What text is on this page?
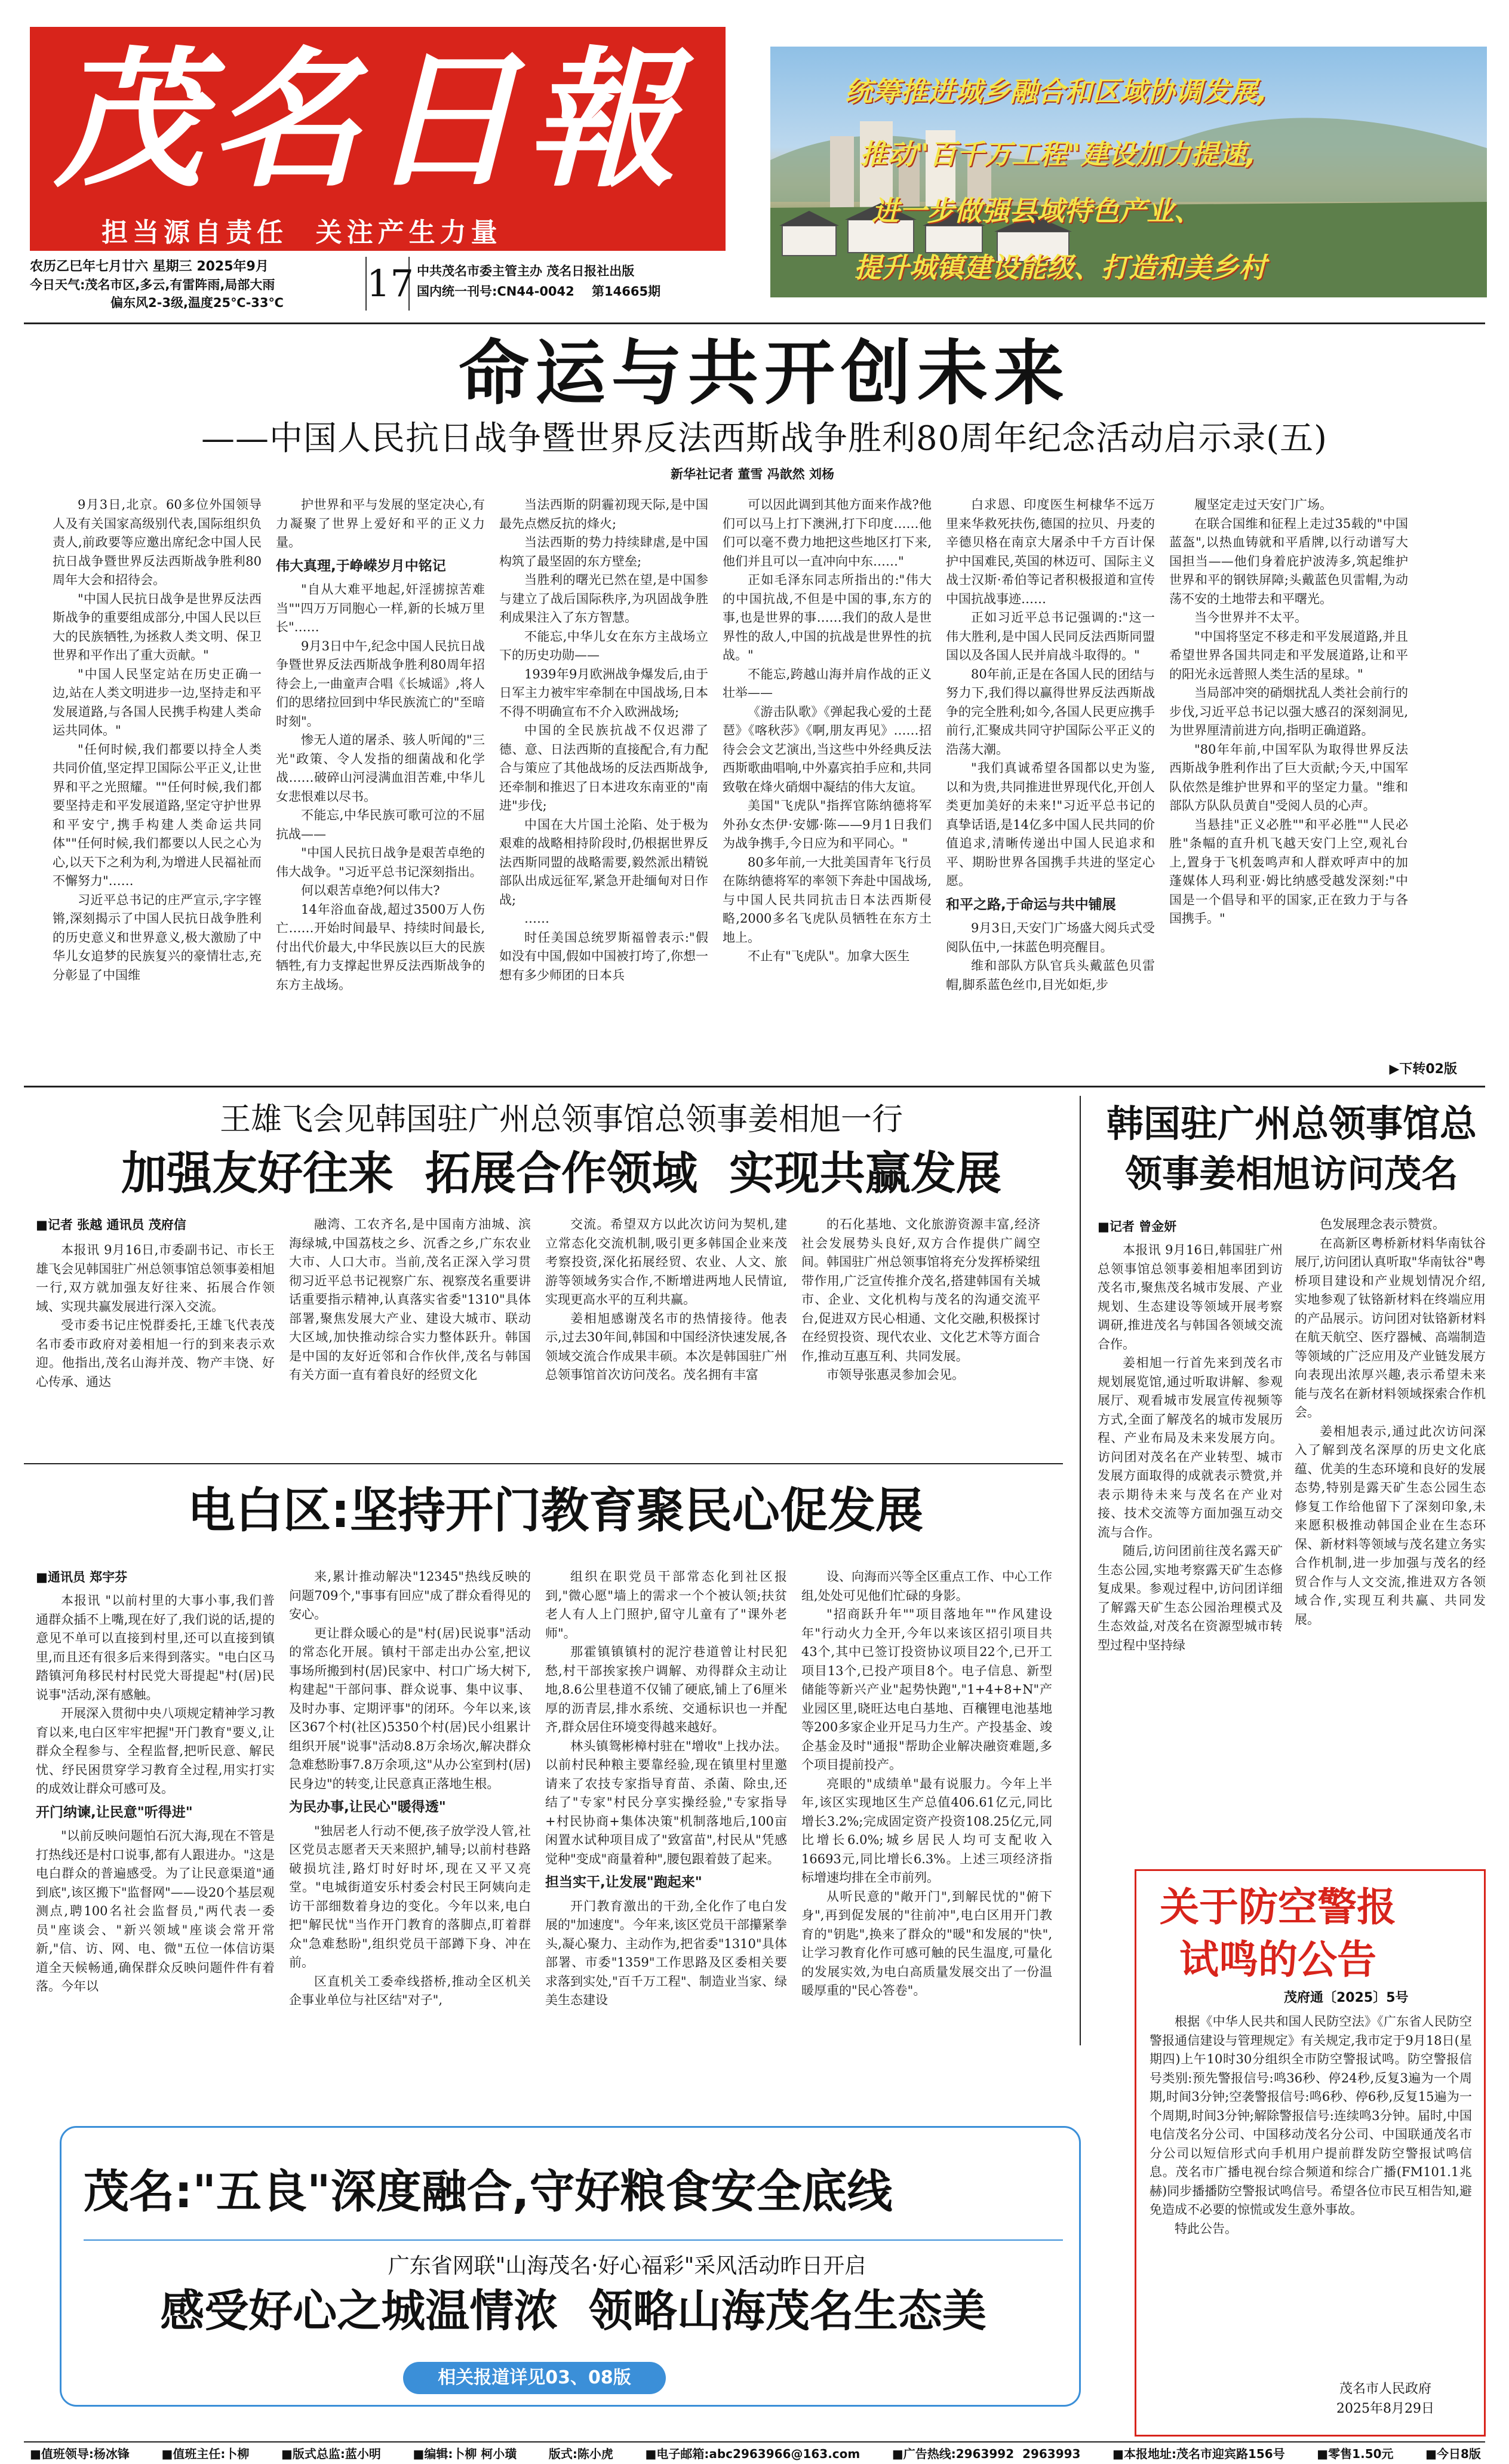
茂名日報
担当源自责任  关注产生力量
统筹推进城乡融合和区域协调发展,
推动"百千万工程"建设加力提速,
进一步做强县域特色产业、
提升城镇建设能级、打造和美乡村
农历乙巳年七月廿六 星期三 2025年9月
今日天气:茂名市区,多云,有雷阵雨,局部大雨
偏东风2-3级,温度25℃-33℃	17 中共茂名市委主管主办 茂名日报社出版
国内统一刊号:CN44-0042    第14665期
命运与共开创未来
——中国人民抗日战争暨世界反法西斯战争胜利80周年纪念活动启示录(五)
新华社记者 董雪 冯歆然 刘杨

9月3日,北京。60多位外国领导人及有关国家高级别代表,国际组织负责人,前政要等应邀出席纪念中国人民抗日战争暨世界反法西斯战争胜利80周年大会和招待会。

"中国人民抗日战争是世界反法西斯战争的重要组成部分,中国人民以巨大的民族牺牲,为拯救人类文明、保卫世界和平作出了重大贡献。"

"中国人民坚定站在历史正确一边,站在人类文明进步一边,坚持走和平发展道路,与各国人民携手构建人类命运共同体。"

"任何时候,我们都要以持全人类共同价值,坚定捍卫国际公平正义,让世界和平之光照耀。""任何时候,我们都要坚持走和平发展道路,坚定守护世界和平安宁,携手构建人类命运共同体""任何时候,我们都要以人民之心为心,以天下之利为利,为增进人民福祉而不懈努力"……

习近平总书记的庄严宣示,字字铿锵,深刻揭示了中国人民抗日战争胜利的历史意义和世界意义,极大激励了中华儿女追梦的民族复兴的豪情壮志,充分彰显了中国维

护世界和平与发展的坚定决心,有力凝聚了世界上爱好和平的正义力量。

伟大真理,于峥嵘岁月中铭记

"自从大难平地起,奸淫掳掠苦难当""四万万同胞心一样,新的长城万里长"……

9月3日中午,纪念中国人民抗日战争暨世界反法西斯战争胜利80周年招待会上,一曲童声合唱《长城谣》,将人们的思绪拉回到中华民族流亡的"至暗时刻"。

惨无人道的屠杀、骇人听闻的"三光"政策、令人发指的细菌战和化学战……破碎山河浸满血泪苦难,中华儿女悲恨难以尽书。

不能忘,中华民族可歌可泣的不屈抗战——

"中国人民抗日战争是艰苦卓绝的伟大战争。"习近平总书记深刻指出。

何以艰苦卓绝?何以伟大?

14年浴血奋战,超过3500万人伤亡……开始时间最早、持续时间最长,付出代价最大,中华民族以巨大的民族牺牲,有力支撑起世界反法西斯战争的东方主战场。

当法西斯的阴霾初现天际,是中国最先点燃反抗的烽火;

当法西斯的势力持续肆虐,是中国构筑了最坚固的东方壁垒;

当胜利的曙光已然在望,是中国参与建立了战后国际秩序,为巩固战争胜利成果注入了东方智慧。

不能忘,中华儿女在东方主战场立下的历史功勋——

1939年9月欧洲战争爆发后,由于日军主力被牢牢牵制在中国战场,日本不得不明确宣布不介入欧洲战场;

中国的全民族抗战不仅迟滞了德、意、日法西斯的直接配合,有力配合与策应了其他战场的反法西斯战争,还牵制和推迟了日本进攻东南亚的"南进"步伐;

中国在大片国土沦陷、处于极为艰难的战略相持阶段时,仍根据世界反法西斯同盟的战略需要,毅然派出精锐部队出成远征军,紧急开赴缅甸对日作战;

……

时任美国总统罗斯福曾表示:"假如没有中国,假如中国被打垮了,你想一想有多少师团的日本兵

可以因此调到其他方面来作战?他们可以马上打下澳洲,打下印度……他们可以毫不费力地把这些地区打下来,他们并且可以一直冲向中东……"

正如毛泽东同志所指出的:"伟大的中国抗战,不但是中国的事,东方的事,也是世界的事……我们的敌人是世界性的敌人,中国的抗战是世界性的抗战。"

不能忘,跨越山海并肩作战的正义壮举——

《游击队歌》《弹起我心爱的土琵琶》《喀秋莎》《啊,朋友再见》……招待会会文艺演出,当这些中外经典反法西斯歌曲唱响,中外嘉宾拍手应和,共同致敬在烽火硝烟中凝结的伟大友谊。

美国"飞虎队"指挥官陈纳德将军外孙女杰伊·安娜·陈——9月1日我们为战争携手,今日应为和平同心。"

80多年前,一大批美国青年飞行员在陈纳德将军的率领下奔赴中国战场,与中国人民共同抗击日本法西斯侵略,2000多名飞虎队员牺牲在东方土地上。

不止有"飞虎队"。加拿大医生

白求恩、印度医生柯棣华不远万里来华救死扶伤,德国的拉贝、丹麦的辛德贝格在南京大屠杀中千方百计保护中国难民,英国的林迈可、国际主义战士汉斯·希伯等记者积极报道和宣传中国抗战事迹……

正如习近平总书记强调的:"这一伟大胜利,是中国人民同反法西斯同盟国以及各国人民并肩战斗取得的。"

80年前,正是在各国人民的团结与努力下,我们得以赢得世界反法西斯战争的完全胜利;如今,各国人民更应携手前行,汇聚成共同守护国际公平正义的浩荡大潮。

"我们真诚希望各国都以史为鉴,以和为贵,共同推进世界现代化,开创人类更加美好的未来!"习近平总书记的真挚话语,是14亿多中国人民共同的价值追求,清晰传递出中国人民追求和平、期盼世界各国携手共进的坚定心愿。

和平之路,于命运与共中铺展

9月3日,天安门广场盛大阅兵式受阅队伍中,一抹蓝色明亮醒目。

维和部队方队官兵头戴蓝色贝雷帽,脚系蓝色丝巾,目光如炬,步

履坚定走过天安门广场。

在联合国维和征程上走过35载的"中国蓝盔",以热血铸就和平盾牌,以行动谱写大国担当——他们身着庇护波涛多,筑起维护世界和平的钢铁屏障;头戴蓝色贝雷帽,为动荡不安的土地带去和平曙光。

当今世界并不太平。

"中国将坚定不移走和平发展道路,并且希望世界各国共同走和平发展道路,让和平的阳光永远普照人类生活的星球。"

当局部冲突的硝烟扰乱人类社会前行的步伐,习近平总书记以强大感召的深刻洞见,为世界厘清前进方向,指明正确道路。

"80年年前,中国军队为取得世界反法西斯战争胜利作出了巨大贡献;今天,中国军队依然是维护世界和平的坚定力量。"维和部队方队队员黄自"受阅人员的心声。

当悬挂"正义必胜""和平必胜""人民必胜"条幅的直升机飞越天安门上空,观礼台上,置身于飞机轰鸣声和人群欢呼声中的加蓬媒体人玛利亚·姆比纳感受越发深刻:"中国是一个倡导和平的国家,正在致力于与各国携手。"

▶下转02版
王雄飞会见韩国驻广州总领事馆总领事姜相旭一行
加强友好往来  拓展合作领域  实现共赢发展
■记者 张越 通讯员 茂府信

本报讯 9月16日,市委副书记、市长王雄飞会见韩国驻广州总领事馆总领事姜相旭一行,双方就加强友好往来、拓展合作领域、实现共赢发展进行深入交流。

受市委书记庄悦群委托,王雄飞代表茂名市委市政府对姜相旭一行的到来表示欢迎。他指出,茂名山海并茂、物产丰饶、好心传承、通达

融湾、工农齐名,是中国南方油城、滨海绿城,中国荔枝之乡、沉香之乡,广东农业大市、人口大市。当前,茂名正深入学习贯彻习近平总书记视察广东、视察茂名重要讲话重要指示精神,认真落实省委"1310"具体部署,聚焦发展大产业、建设大城市、联动大区域,加快推动综合实力整体跃升。韩国是中国的友好近邻和合作伙伴,茂名与韩国有关方面一直有着良好的经贸文化

交流。希望双方以此次访问为契机,建立常态化交流机制,吸引更多韩国企业来茂考察投资,深化拓展经贸、农业、人文、旅游等领域务实合作,不断增进两地人民情谊,实现更高水平的互利共赢。

姜相旭感谢茂名市的热情接待。他表示,过去30年间,韩国和中国经济快速发展,各领域交流合作成果丰硕。本次是韩国驻广州总领事馆首次访问茂名。茂名拥有丰富

的石化基地、文化旅游资源丰富,经济社会发展势头良好,双方合作提供广阔空间。韩国驻广州总领事馆将充分发挥桥梁纽带作用,广泛宣传推介茂名,搭建韩国有关城市、企业、文化机构与茂名的沟通交流平台,促进双方民心相通、文化交融,积极探讨在经贸投资、现代农业、文化艺术等方面合作,推动互惠互利、共同发展。

市领导张惠灵参加会见。

韩国驻广州总领事馆总领事姜相旭访问茂名
■记者 曾金妍

本报讯 9月16日,韩国驻广州总领事馆总领事姜相旭率团到访茂名市,聚焦茂名城市发展、产业规划、生态建设等领域开展考察调研,推进茂名与韩国各领域交流合作。

姜相旭一行首先来到茂名市规划展览馆,通过听取讲解、参观展厅、观看城市发展宣传视频等方式,全面了解茂名的城市发展历程、产业布局及未来发展方向。访问团对茂名在产业转型、城市发展方面取得的成就表示赞赏,并表示期待未来与茂名在产业对接、技术交流等方面加强互动交流与合作。

随后,访问团前往茂名露天矿生态公园,实地考察露天矿生态修复成果。参观过程中,访问团详细了解露天矿生态公园治理模式及生态效益,对茂名在资源型城市转型过程中坚持绿

色发展理念表示赞赏。

在高新区粤桥新材料华南钛谷展厅,访问团认真听取"华南钛谷"粤桥项目建设和产业规划情况介绍,实地参观了钛铬新材料在终端应用的产品展示。访问团对钛铬新材料在航天航空、医疗器械、高端制造等领域的广泛应用及产业链发展方向表现出浓厚兴趣,表示希望未来能与茂名在新材料领域探索合作机会。

姜相旭表示,通过此次访问深入了解到茂名深厚的历史文化底蕴、优美的生态环境和良好的发展态势,特别是露天矿生态公园生态修复工作给他留下了深刻印象,未来愿积极推动韩国企业在生态环保、新材料等领域与茂名建立务实合作机制,进一步加强与茂名的经贸合作与人文交流,推进双方各领域合作,实现互利共赢、共同发展。

电白区:坚持开门教育聚民心促发展
■通讯员 郑宇芬

本报讯 "以前村里的大事小事,我们普通群众插不上嘴,现在好了,我们说的话,提的意见不单可以直接到村里,还可以直接到镇里,而且还有很多后来得到落实。"电白区马踏镇河角移民村村民党大哥提起"村(居)民说事"活动,深有感触。

开展深入贯彻中央八项规定精神学习教育以来,电白区牢牢把握"开门教育"要义,让群众全程参与、全程监督,把听民意、解民忧、纾民困贯穿学习教育全过程,用实打实的成效让群众可感可及。

开门纳谏,让民意"听得进"

"以前反映问题怕石沉大海,现在不管是打热线还是村口说事,都有人跟进办。"这是电白群众的普遍感受。为了让民意渠道"通到底",该区搬下"监督网"——设20个基层观测点,聘100名社会监督员,"两代表一委员"座谈会、"新兴领域"座谈会常开常新,"信、访、网、电、微"五位一体信访渠道全天候畅通,确保群众反映问题件件有着落。今年以

来,累计推动解决"12345"热线反映的问题709个,"事事有回应"成了群众看得见的安心。

更让群众暖心的是"村(居)民说事"活动的常态化开展。镇村干部走出办公室,把议事场所搬到村(居)民家中、村口广场大树下,构建起"干部问事、群众说事、集中议事、及时办事、定期评事"的闭环。今年以来,该区367个村(社区)5350个村(居)民小组累计组织开展"说事"活动8.8万余场次,解决群众急难愁盼事7.8万余项,这"从办公室到村(居)民身边"的转变,让民意真正落地生根。

为民办事,让民心"暖得透"

"独居老人行动不便,孩子放学没人管,社区党员志愿者天天来照护,辅导;以前村巷路破损坑洼,路灯时好时坏,现在又平又亮堂。"电城街道安乐村委会村民王阿姨向走访干部细数着身边的变化。今年以来,电白把"解民忧"当作开门教育的落脚点,盯着群众"急难愁盼",组织党员干部蹲下身、冲在前。

区直机关工委牵线搭桥,推动全区机关企事业单位与社区结"对子",

组织在职党员干部常态化到社区报到,"微心愿"墙上的需求一个个被认领;扶贫老人有人上门照护,留守儿童有了"课外老师"。

那霍镇镇镇村的泥泞巷道曾让村民犯愁,村干部挨家挨户调解、劝得群众主动让地,8.6公里巷道不仅铺了硬底,铺上了6厘米厚的沥青层,排水系统、交通标识也一并配齐,群众居住环境变得越来越好。

林头镇鸳彬樟村驻在"增收"上找办法。以前村民种粮主要靠经验,现在镇里村里邀请来了农技专家指导育苗、杀菌、除虫,还结了"专家"村民分享实操经验,"专家指导+村民协商+集体决策"机制落地后,100亩闲置水试种项目成了"致富苗",村民从"凭感觉种"变成"商量着种",腰包跟着鼓了起来。

担当实干,让发展"跑起来"

开门教育激出的干劲,全化作了电白发展的"加速度"。今年来,该区党员干部攥紧拳头,凝心聚力、主动作为,把省委"1310"具体部署、市委"1359"工作思路及区委相关要求落到实处,"百千万工程"、制造业当家、绿美生态建设

设、向海而兴等全区重点工作、中心工作组,处处可见他们忙碌的身影。

"招商跃升年""项目落地年""作风建设年"行动火力全开,今年以来该区招引项目共43个,其中已签订投资协议项目22个,已开工项目13个,已投产项目8个。电子信息、新型储能等新兴产业"起势快跑","1+4+8+N"产业园区里,晓旺达电白基地、百穰锂电池基地等200多家企业开足马力生产。产投基金、竣企基金及时"通报"帮助企业解决融资难题,多个项目提前投产。

亮眼的"成绩单"最有说服力。今年上半年,该区实现地区生产总值406.61亿元,同比增长3.2%;完成固定资产投资108.25亿元,同比增长6.0%;城乡居民人均可支配收入16693元,同比增长6.3%。上述三项经济指标增速均排在全市前列。

从听民意的"敞开门",到解民忧的"俯下身",再到促发展的"往前冲",电白区用开门教育的"钥匙",换来了群众的"暖"和发展的"快",让学习教育化作可感可触的民生温度,可量化的发展实效,为电白高质量发展交出了一份温暖厚重的"民心答卷"。

关于防空警报试鸣的公告
茂府通〔2025〕5号

根据《中华人民共和国人民防空法》《广东省人民防空警报通信建设与管理规定》有关规定,我市定于9月18日(星期四)上午10时30分组织全市防空警报试鸣。防空警报信号类别:预先警报信号:鸣36秒、停24秒,反复3遍为一个周期,时间3分钟;空袭警报信号:鸣6秒、停6秒,反复15遍为一个周期,时间3分钟;解除警报信号:连续鸣3分钟。届时,中国电信茂名分公司、中国移动茂名分公司、中国联通茂名市分公司以短信形式向手机用户提前群发防空警报试鸣信息。茂名市广播电视台综合频道和综合广播(FM101.1兆赫)同步播播防空警报试鸣信号。希望各位市民互相告知,避免造成不必要的惊慌或发生意外事故。

特此公告。

茂名市人民政府
2025年8月29日
茂名:"五良"深度融合,守好粮食安全底线
广东省网联"山海茂名·好心福彩"采风活动昨日开启
感受好心之城温情浓  领略山海茂名生态美
相关报道详见03、08版
■值班领导:杨冰锋	■值班主任:卜柳	■版式总监:蓝小明	■编辑:卜柳 柯小璜	版式:陈小虎	■电子邮箱:abc2963966@163.com	■广告热线:2963992  2963993	■本报地址:茂名市迎宾路156号	■零售1.50元	■今日8版
